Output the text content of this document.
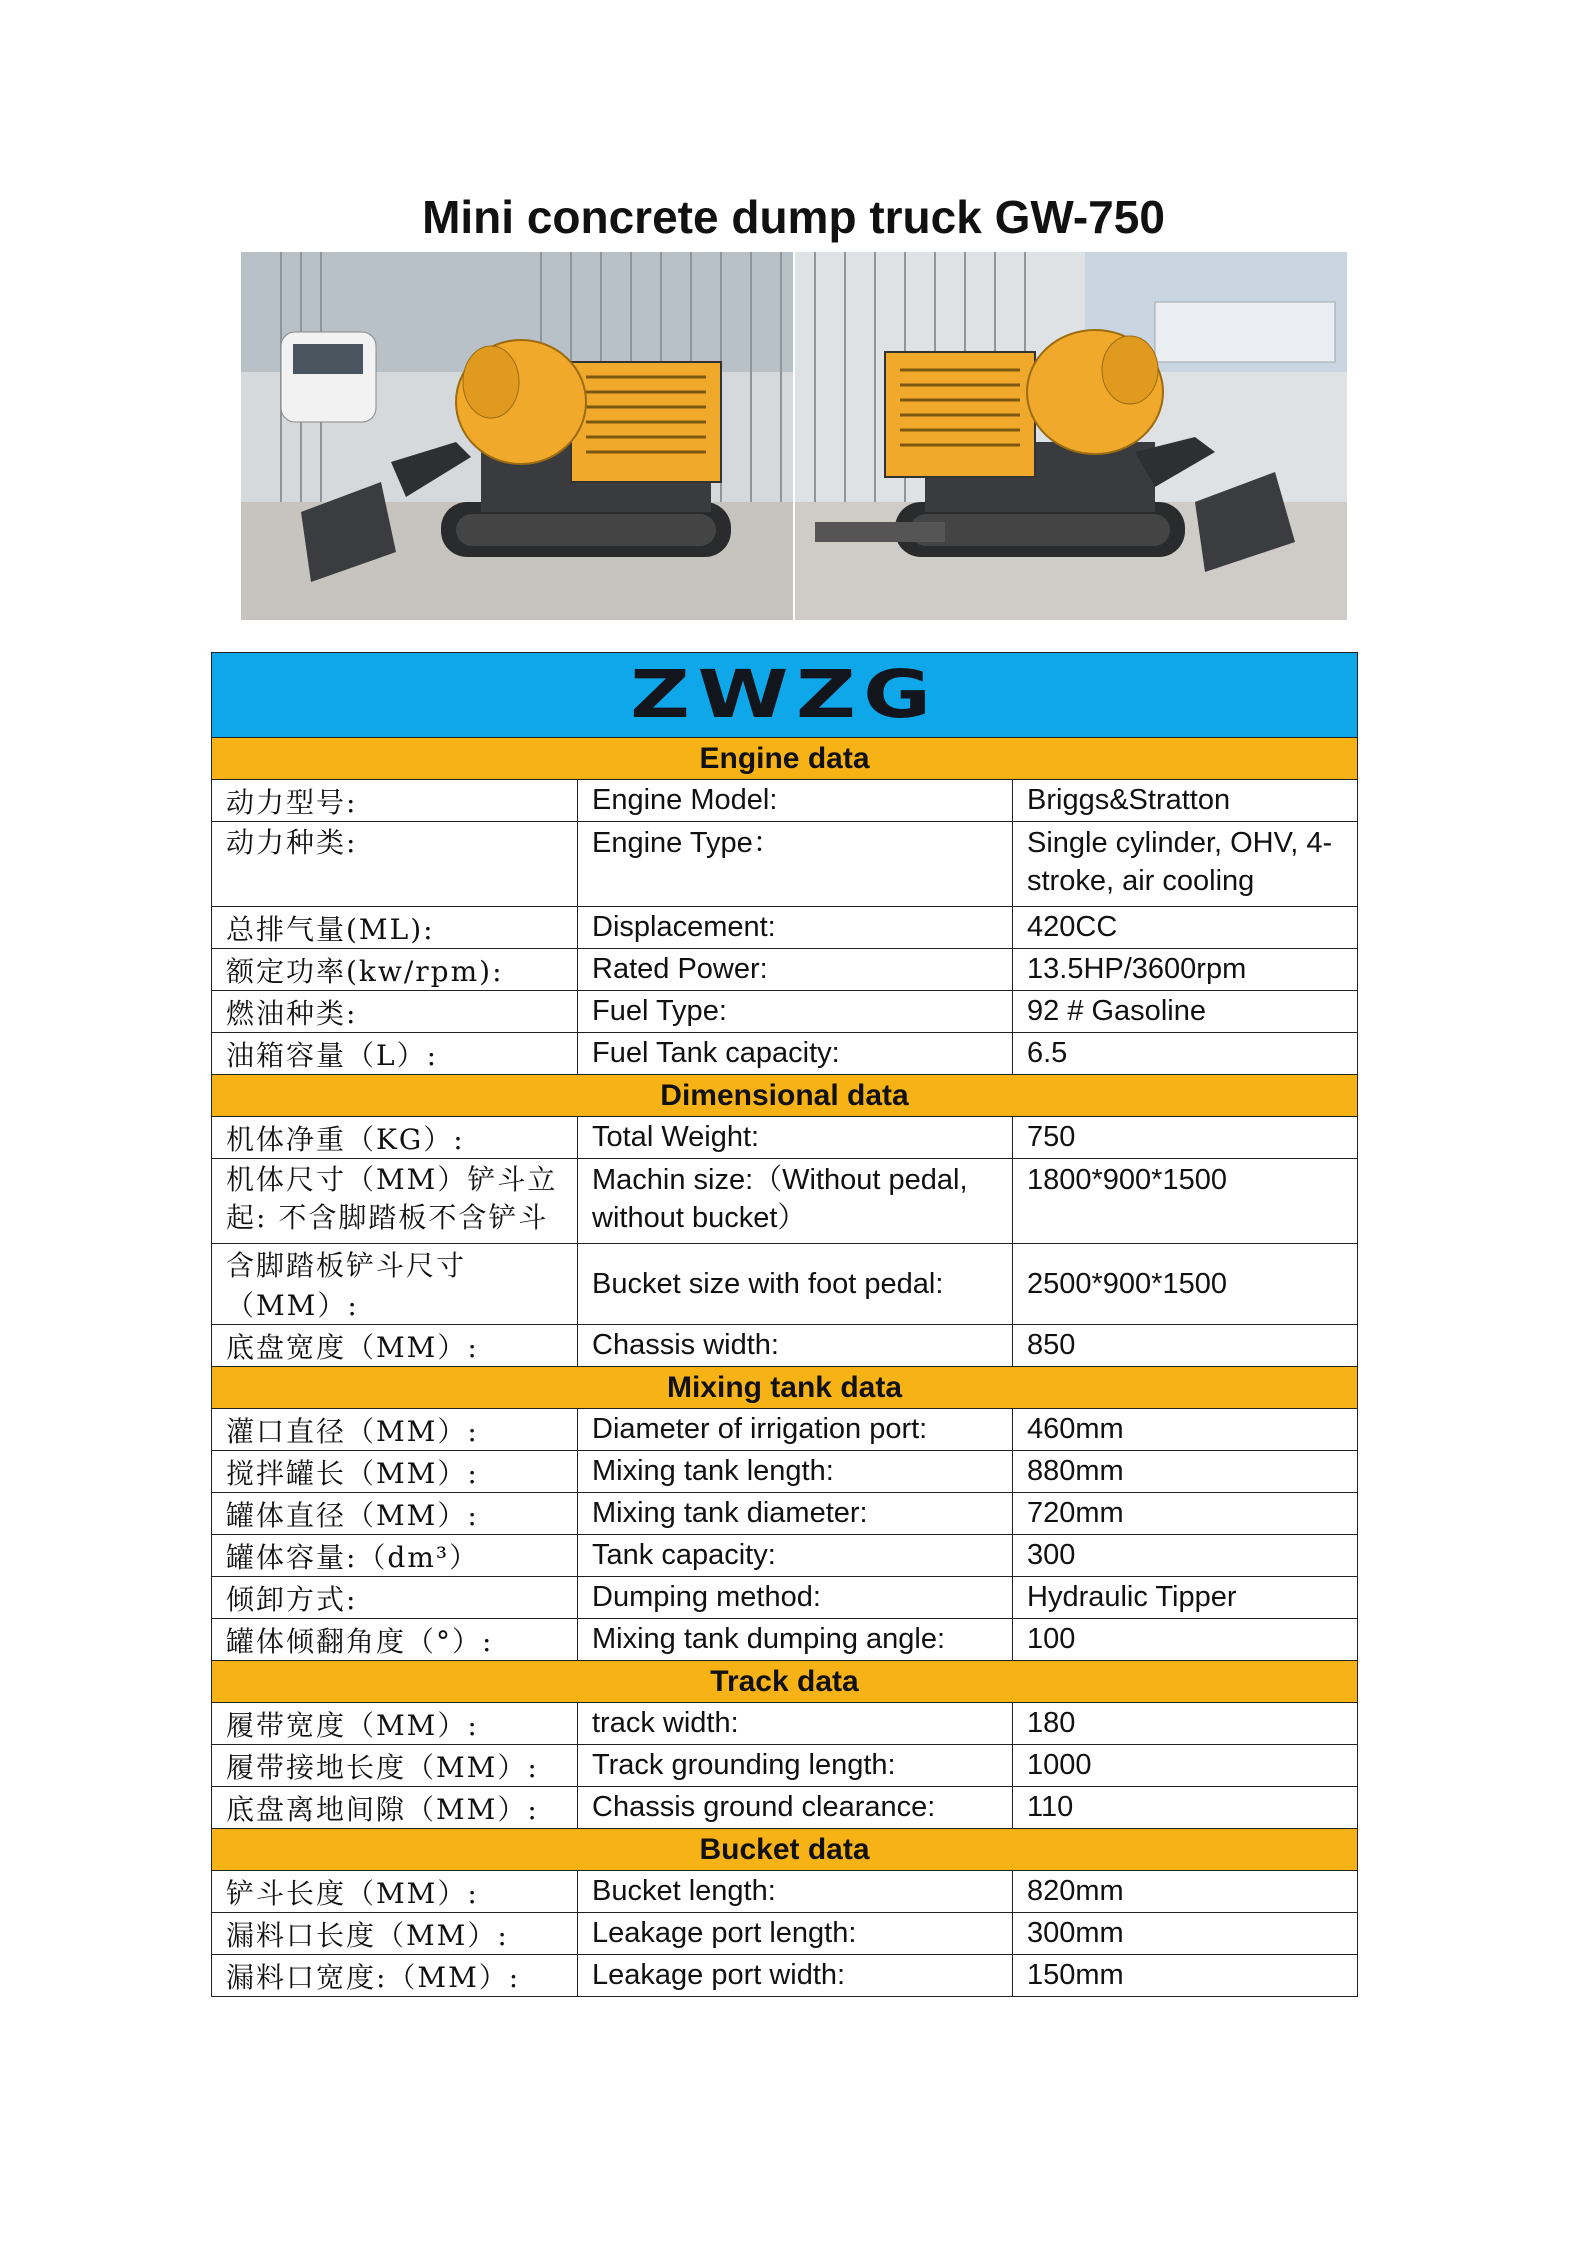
Mini concrete dump truck GW-750
ZWZG		
Engine data		
动力型号:	Engine Model:	Briggs&Stratton
动力种类:	Engine Type：	Single cylinder, OHV, 4-stroke, air cooling
总排气量(ML):	Displacement:	420CC
额定功率(kw/rpm):	Rated Power:	13.5HP/3600rpm
燃油种类:	Fuel Type:	92 # Gasoline
油箱容量（L）:	Fuel Tank capacity:	6.5
Dimensional data		
机体净重（KG）:	Total Weight:	750
机体尺寸（MM）铲斗立起: 不含脚踏板不含铲斗	Machin size:（Without pedal, without bucket）	1800*900*1500
含脚踏板铲斗尺寸（MM）:	Bucket size with foot pedal:	2500*900*1500
底盘宽度（MM）:	Chassis width:	850
Mixing tank data		
灌口直径（MM）:	Diameter of irrigation port:	460mm
搅拌罐长（MM）:	Mixing tank length:	880mm
罐体直径（MM）:	Mixing tank diameter:	720mm
罐体容量:（dm³）	Tank capacity:	300
倾卸方式:	Dumping method:	Hydraulic Tipper
罐体倾翻角度（°）:	Mixing tank dumping angle:	100
Track data		
履带宽度（MM）:	track width:	180
履带接地长度（MM）:	Track grounding length:	1000
底盘离地间隙（MM）:	Chassis ground clearance:	110
Bucket data		
铲斗长度（MM）:	Bucket length:	820mm
漏料口长度（MM）:	Leakage port length:	300mm
漏料口宽度:（MM）:	Leakage port width:	150mm
